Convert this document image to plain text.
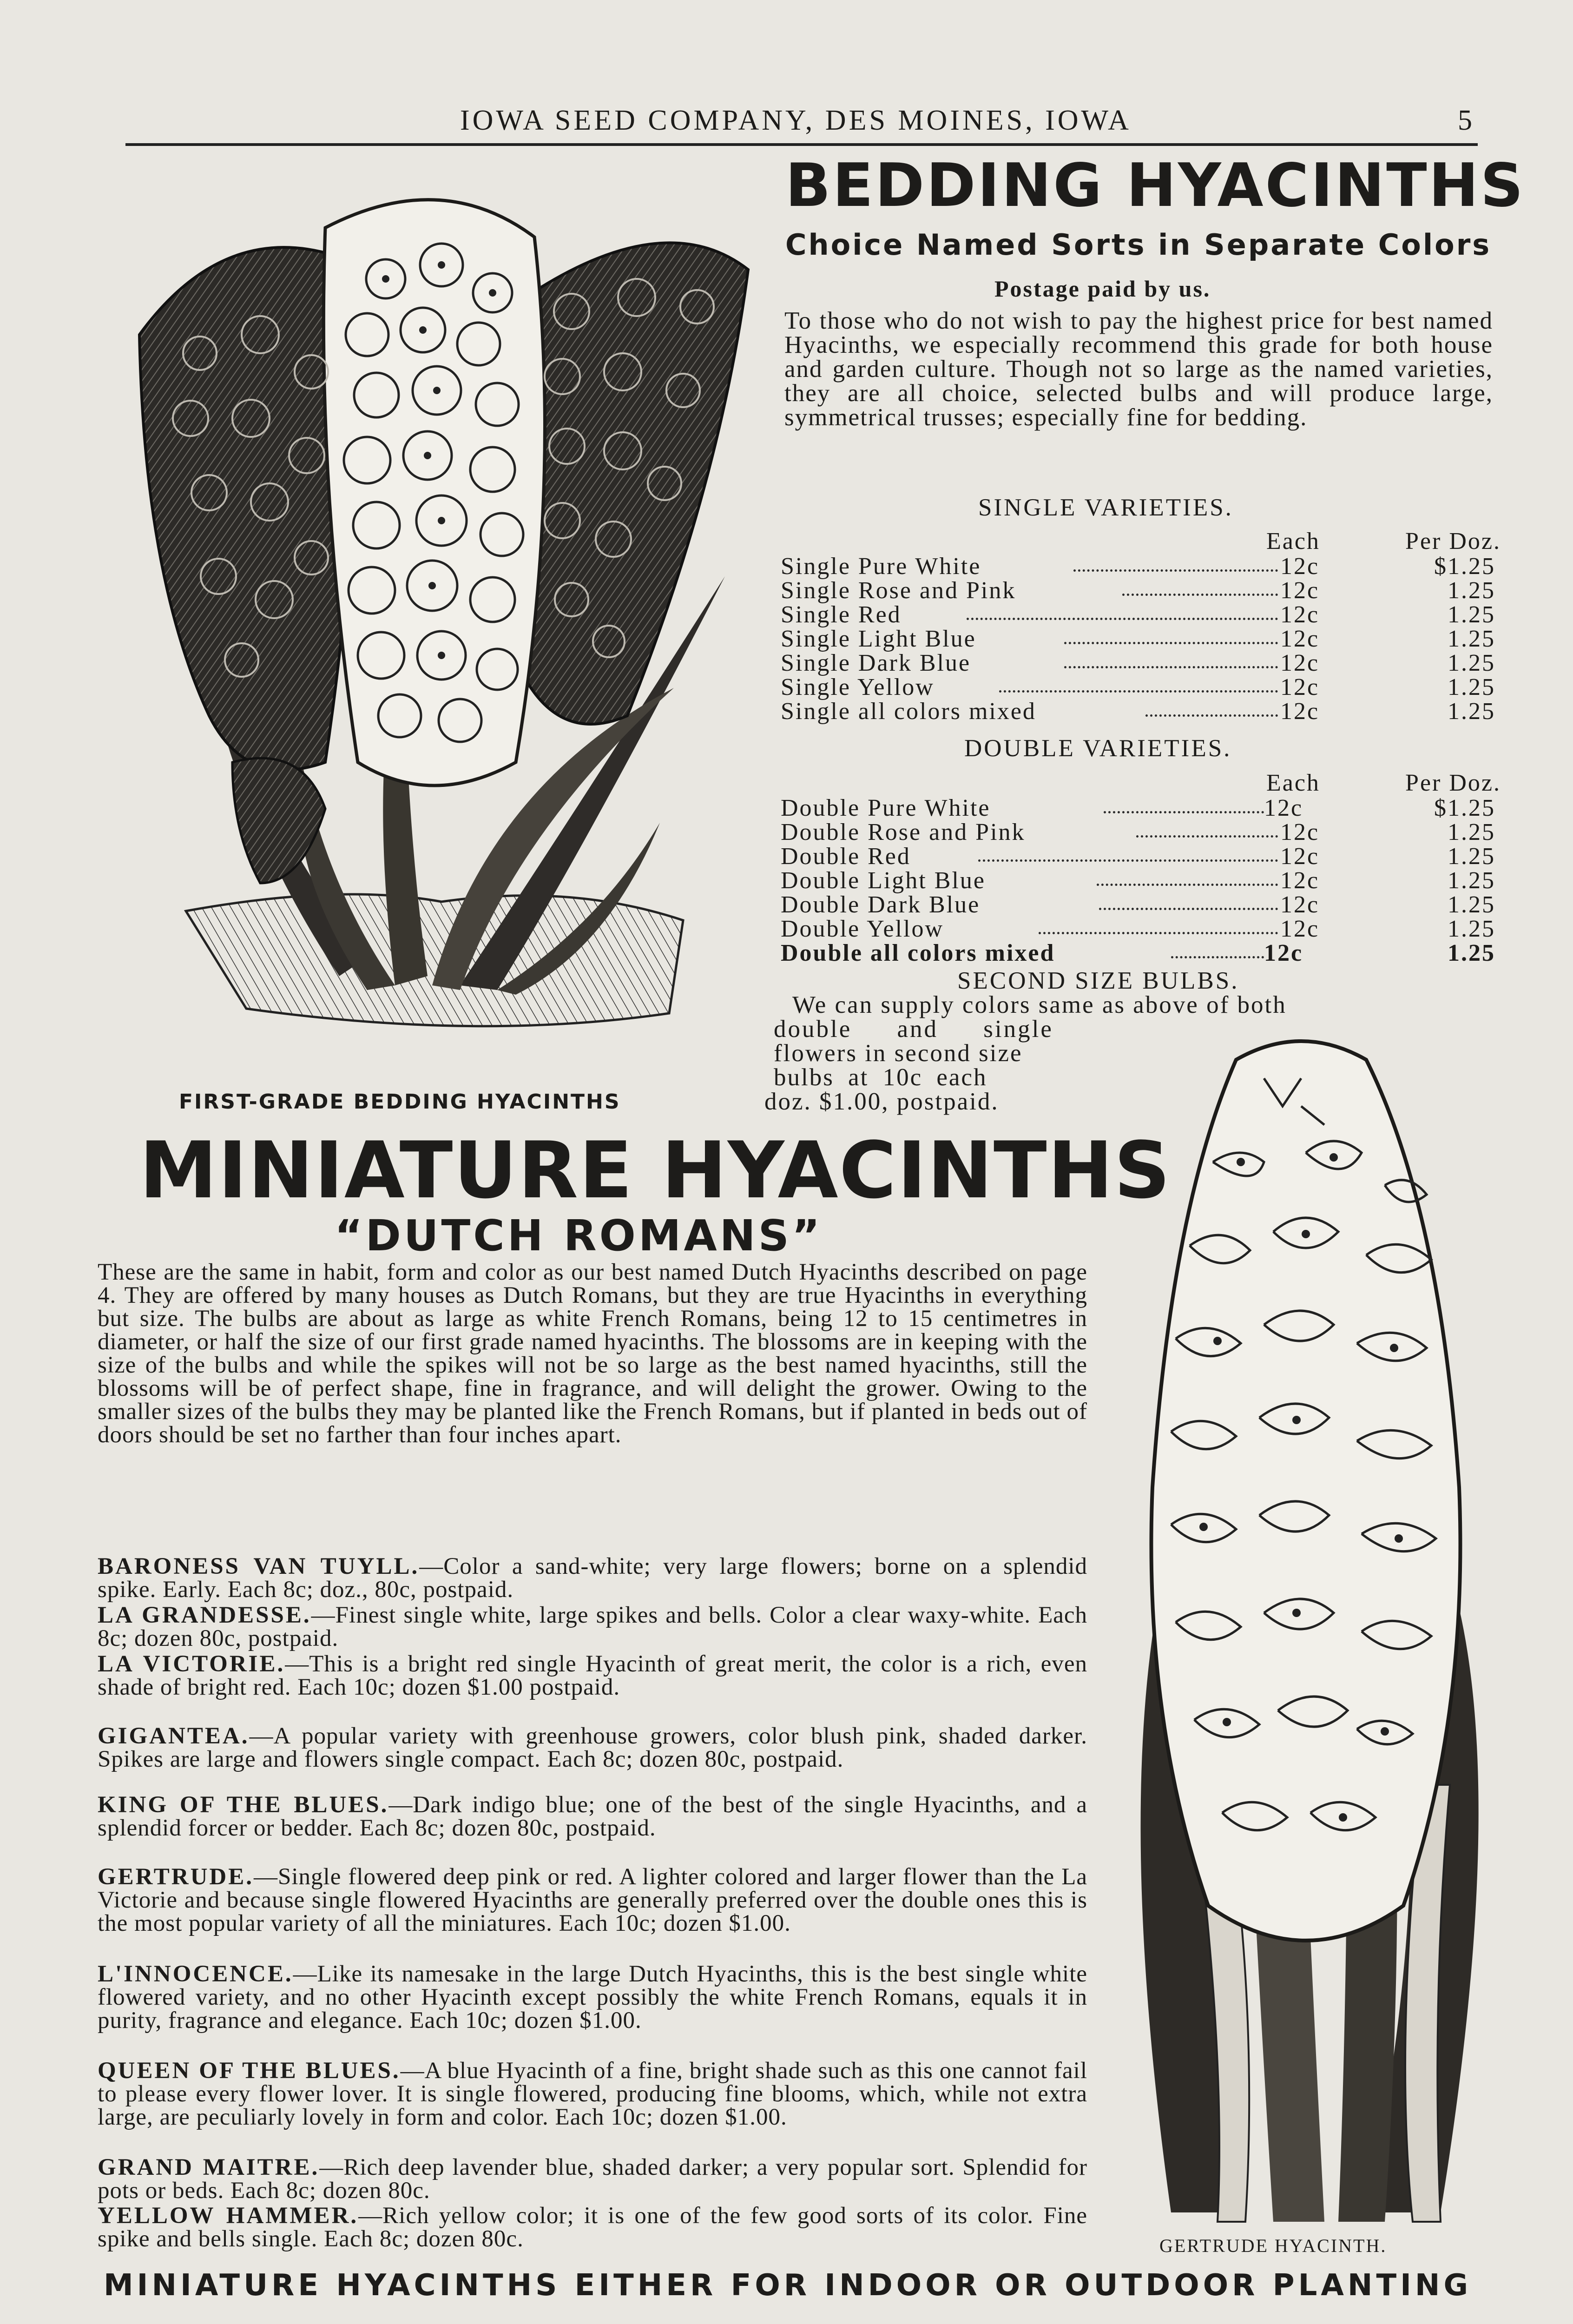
IOWA SEED COMPANY, DES MOINES, IOWA	5
FIRST-GRADE BEDDING HYACINTHS
BEDDING HYACINTHS
Choice Named Sorts in Separate Colors
Postage paid by us.
To those who do not wish to pay the highest price for best named Hyacinths, we especially recommend this grade for both house and garden culture. Though not so large as the named varieties, they are all choice, selected bulbs and will produce large, symmetrical trusses; especially fine for bedding.
SINGLE VARIETIES.
Each	Per Doz.
Single Pure White	12c	$1.25
Single Rose and Pink	12c	1.25
Single Red	12c	1.25
Single Light Blue	12c	1.25
Single Dark Blue	12c	1.25
Single Yellow	12c	1.25
Single all colors mixed	12c	1.25
DOUBLE VARIETIES.
Each	Per Doz.
Double Pure White	12c	$1.25
Double Rose and Pink	12c	1.25
Double Red	12c	1.25
Double Light Blue	12c	1.25
Double Dark Blue	12c	1.25
Double Yellow	12c	1.25
Double all colors mixed	12c	1.25
SECOND SIZE BULBS.
We can supply colors same as above of both
double and single
flowers in second size
bulbs at 10c each
doz. $1.00, postpaid.
MINIATURE HYACINTHS
“DUTCH ROMANS”
These are the same in habit, form and color as our best named Dutch Hyacinths described on page 4. They are offered by many houses as Dutch Romans, but they are true Hyacinths in everything but size. The bulbs are about as large as white French Romans, being 12 to 15 centimetres in diameter, or half the size of our first grade named hyacinths. The blossoms are in keeping with the size of the bulbs and while the spikes will not be so large as the best named hyacinths, still the blossoms will be of perfect shape, fine in fragrance, and will delight the grower. Owing to the smaller sizes of the bulbs they may be planted like the French Romans, but if planted in beds out of doors should be set no farther than four inches apart.
BARONESS VAN TUYLL.—Color a sand-white; very large flowers; borne on a splendid spike. Early. Each 8c; doz., 80c, postpaid.
LA GRANDESSE.—Finest single white, large spikes and bells. Color a clear waxy-white. Each 8c; dozen 80c, postpaid.
LA VICTORIE.—This is a bright red single Hyacinth of great merit, the color is a rich, even shade of bright red. Each 10c; dozen $1.00 postpaid.
GIGANTEA.—A popular variety with greenhouse growers, color blush pink, shaded darker. Spikes are large and flowers single compact. Each 8c; dozen 80c, postpaid.
KING OF THE BLUES.—Dark indigo blue; one of the best of the single Hyacinths, and a splendid forcer or bedder. Each 8c; dozen 80c, postpaid.
GERTRUDE.—Single flowered deep pink or red. A lighter colored and larger flower than the La Victorie and because single flowered Hyacinths are generally preferred over the double ones this is the most popular variety of all the miniatures. Each 10c; dozen $1.00.
L'INNOCENCE.—Like its namesake in the large Dutch Hyacinths, this is the best single white flowered variety, and no other Hyacinth except possibly the white French Romans, equals it in purity, fragrance and elegance. Each 10c; dozen $1.00.
QUEEN OF THE BLUES.—A blue Hyacinth of a fine, bright shade such as this one cannot fail to please every flower lover. It is single flowered, producing fine blooms, which, while not extra large, are peculiarly lovely in form and color. Each 10c; dozen $1.00.
GRAND MAITRE.—Rich deep lavender blue, shaded darker; a very popular sort. Splendid for pots or beds. Each 8c; dozen 80c.
YELLOW HAMMER.—Rich yellow color; it is one of the few good sorts of its color. Fine spike and bells single. Each 8c; dozen 80c.	GERTRUDE HYACINTH.
MINIATURE HYACINTHS EITHER FOR INDOOR OR OUTDOOR PLANTING
